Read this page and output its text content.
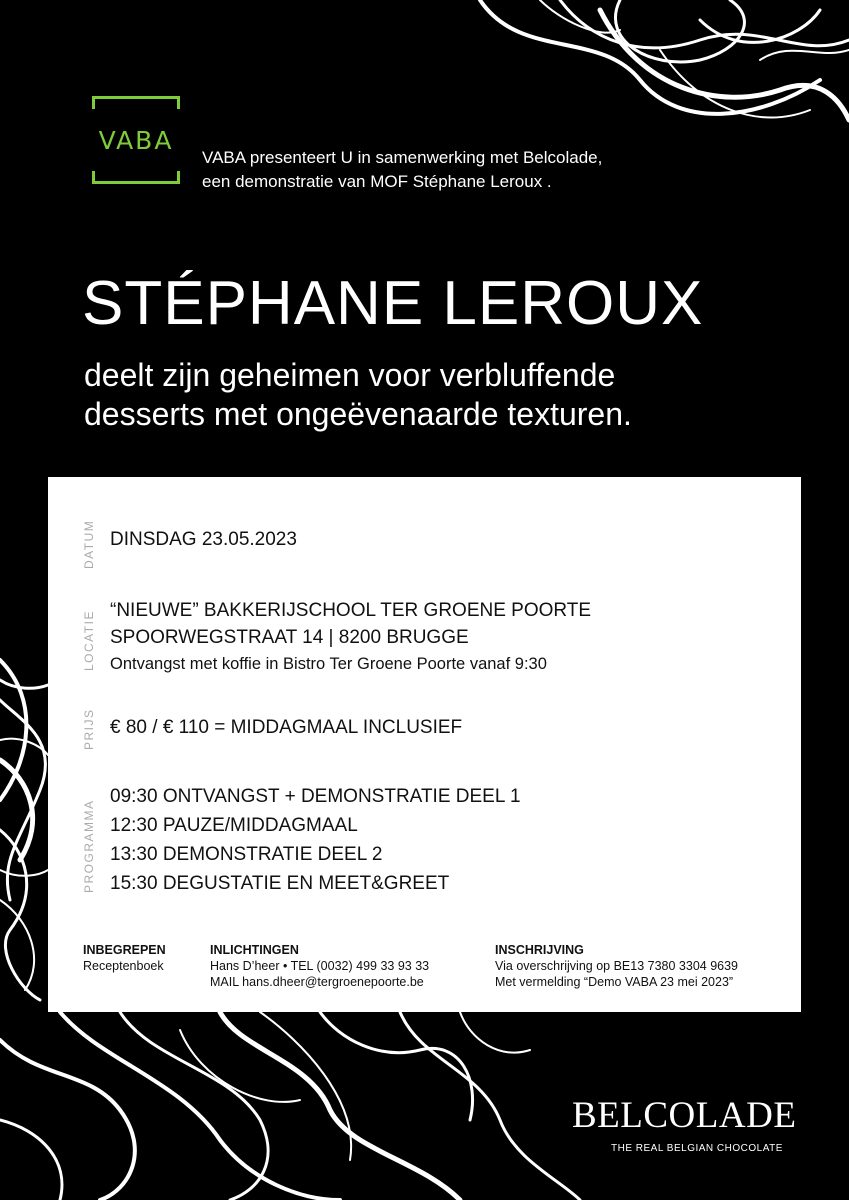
VABA
VABA presenteert U in samenwerking met Belcolade,
een demonstratie van MOF Stéphane Leroux .
STÉPHANE LEROUX
deelt zijn geheimen voor verbluffende
desserts met ongeëvenaarde texturen.
DATUM DINSDAG 23.05.2023
LOCATIE “NIEUWE” BAKKERIJSCHOOL TER GROENE POORTE
SPOORWEGSTRAAT 14 | 8200 BRUGGE
Ontvangst met koffie in Bistro Ter Groene Poorte vanaf 9:30
PRIJS € 80 / € 110 = MIDDAGMAAL INCLUSIEF
PROGRAMMA
09:30 ONTVANGST + DEMONSTRATIE DEEL 1
12:30 PAUZE/MIDDAGMAAL
13:30 DEMONSTRATIE DEEL 2
15:30 DEGUSTATIE EN MEET&GREET
INBEGREPEN
Receptenboek
INLICHTINGEN
Hans D’heer • TEL (0032) 499 33 93 33
MAIL hans.dheer@tergroenepoorte.be
INSCHRIJVING
Via overschrijving op BE13 7380 3304 9639
Met vermelding “Demo VABA 23 mei 2023”
BELCOLADE
THE REAL BELGIAN CHOCOLATE
